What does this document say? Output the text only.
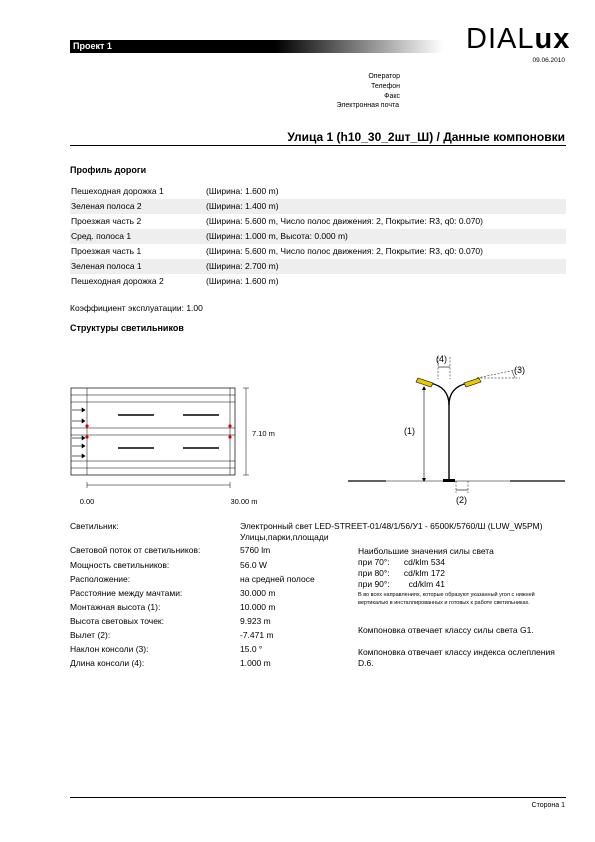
Проект 1	DIALux
09.06.2010
Оператор
Телефон
Факс
Электронная почта
Улица 1 (h10_30_2шт_Ш) / Данные компоновки
Профиль дороги
Пешеходная дорожка 1	(Ширина: 1.600 m)
Зеленая полоса 2	(Ширина: 1.400 m)
Проезжая часть 2	(Ширина: 5.600 m, Число полос движения: 2, Покрытие: R3, q0: 0.070)
Сред. полоса 1	(Ширина: 1.000 m, Высота: 0.000 m)
Проезжая часть 1	(Ширина: 5.600 m, Число полос движения: 2, Покрытие: R3, q0: 0.070)
Зеленая полоса 1	(Ширина: 2.700 m)
Пешеходная дорожка 2	(Ширина: 1.600 m)
Коэффициент эксплуатации: 1.00
Структуры светильников
7.10 m
0.00	30.00 m
(1)
(4)
(3)
(2)
Светильник:	Электронный свет LED-STREET-01/48/1/56/У1 - 6500К/5760/Ш (LUW_W5PM) Улицы,парки,площади
Световой поток от светильников:	5760 lm
Мощность светильников:	56.0 W
Расположение:	на средней полосе
Расстояние между мачтами:	30.000 m
Монтажная высота (1):	10.000 m
Высота световых точек:	9.923 m
Вылет (2):	-7.471 m
Наклон консоли (3):	15.0 °
Длина консоли (4):	1.000 m
Наибольшие значения силы света
при 70°: 534 cd/klm
при 80°: 172 cd/klm
при 90°: 41 cd/klm
В во всех направлениях, которые образуют указанный угол с нижней вертикалью в инсталлированных и готовых к работе светильниках.
Компоновка отвечает классу силы света G1.
Компоновка отвечает классу индекса ослепления D.6.
Сторона 1
